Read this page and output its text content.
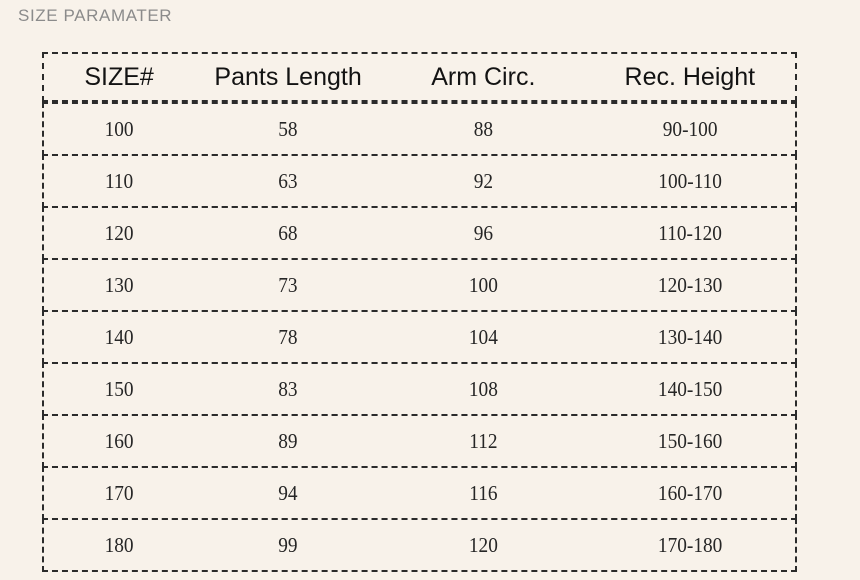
SIZE PARAMATER
SIZE#	Pants Length	Arm Circ.	Rec. Height
100	58	88	90-100
110	63	92	100-110
120	68	96	110-120
130	73	100	120-130
140	78	104	130-140
150	83	108	140-150
160	89	112	150-160
170	94	116	160-170
180	99	120	170-180
